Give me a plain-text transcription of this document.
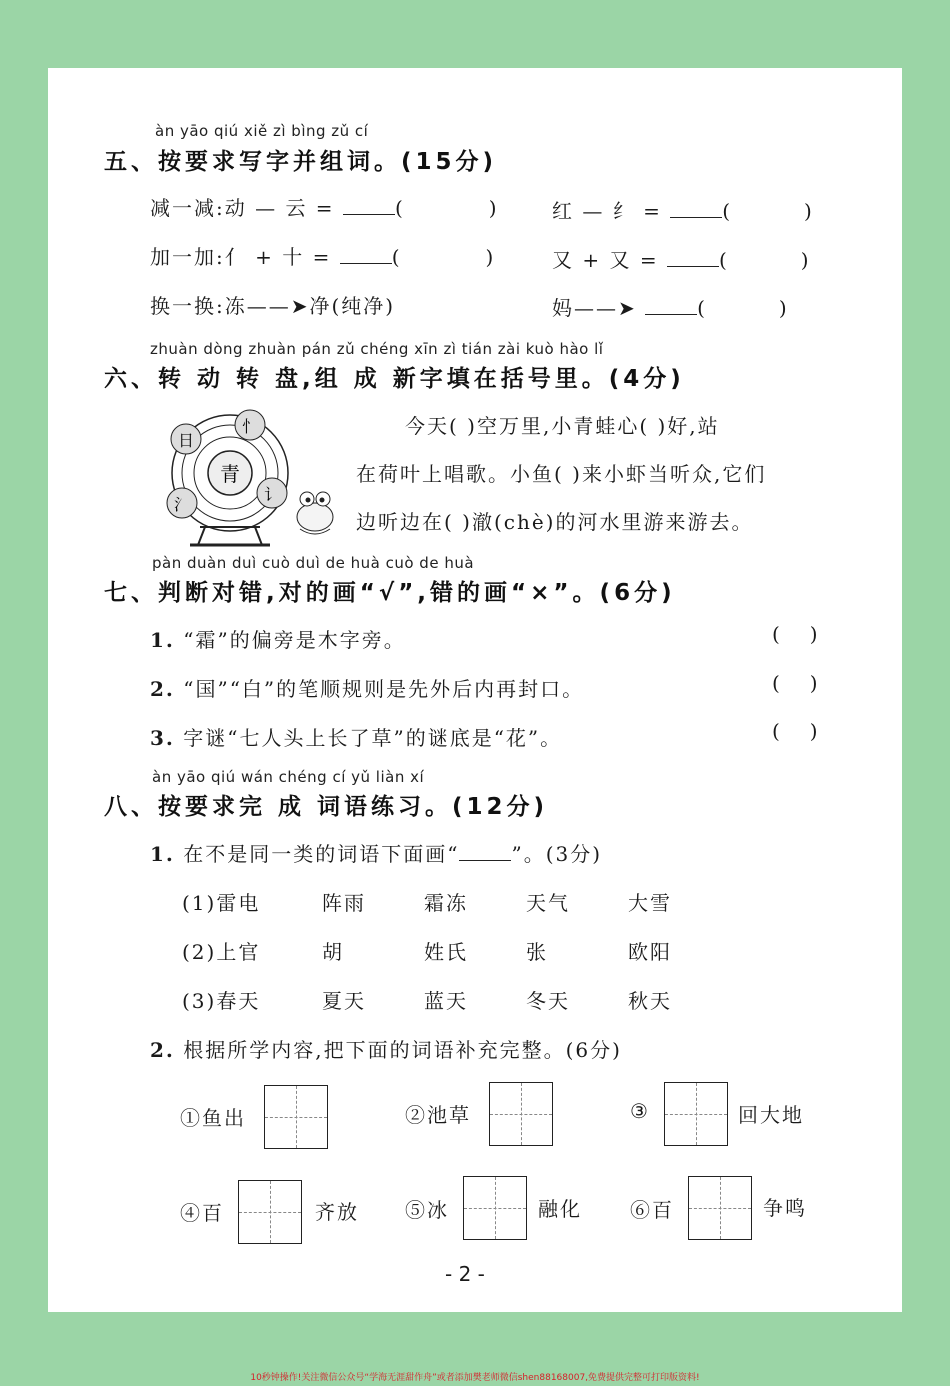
àn yāo qiú xiě zì bìng zǔ cí
五、按要求写字并组词。(15分)
减一减:动 — 云 =	(       )	红 — 纟 =	(      )
加一加:亻 + 十 =	(       )	又 + 又 =	(      )
换一换:冻——➤净(纯净)	妈——➤	(      )
zhuàn dòng zhuàn pán zǔ chéng xīn zì tián zài kuò hào lǐ
六、转 动 转 盘,组 成 新字填在括号里。(4分)
青
忄
日
讠
氵
今天( )空万里,小青蛙心( )好,站
在荷叶上唱歌。小鱼( )来小虾当听众,它们
边听边在( )澈(chè)的河水里游来游去。
pàn duàn duì cuò duì de huà cuò de huà
七、判断对错,对的画“√”,错的画“×”。(6分)
1. “霜”的偏旁是木字旁。	(   )
2. “国”“白”的笔顺规则是先外后内再封口。	(   )
3. 字谜“七人头上长了草”的谜底是“花”。	(   )
àn yāo qiú wán chéng cí yǔ liàn xí
八、按要求完 成 词语练习。(12分)
1. 在不是同一类的词语下面画“	”。(3分)
(1)雷电	阵雨	霜冻	天气	大雪
(2)上官	胡	姓氏	张	欧阳
(3)春天	夏天	蓝天	冬天	秋天
2. 根据所学内容,把下面的词语补充完整。(6分)
①鱼出	②池草	③	回大地
④百	齐放 ⑤冰	融化 ⑥百	争鸣
- 2 -
10秒钟操作!关注微信公众号“学海无涯甜作舟”或者添加樊老师微信shen88168007,免费提供完整可打印版资料!
